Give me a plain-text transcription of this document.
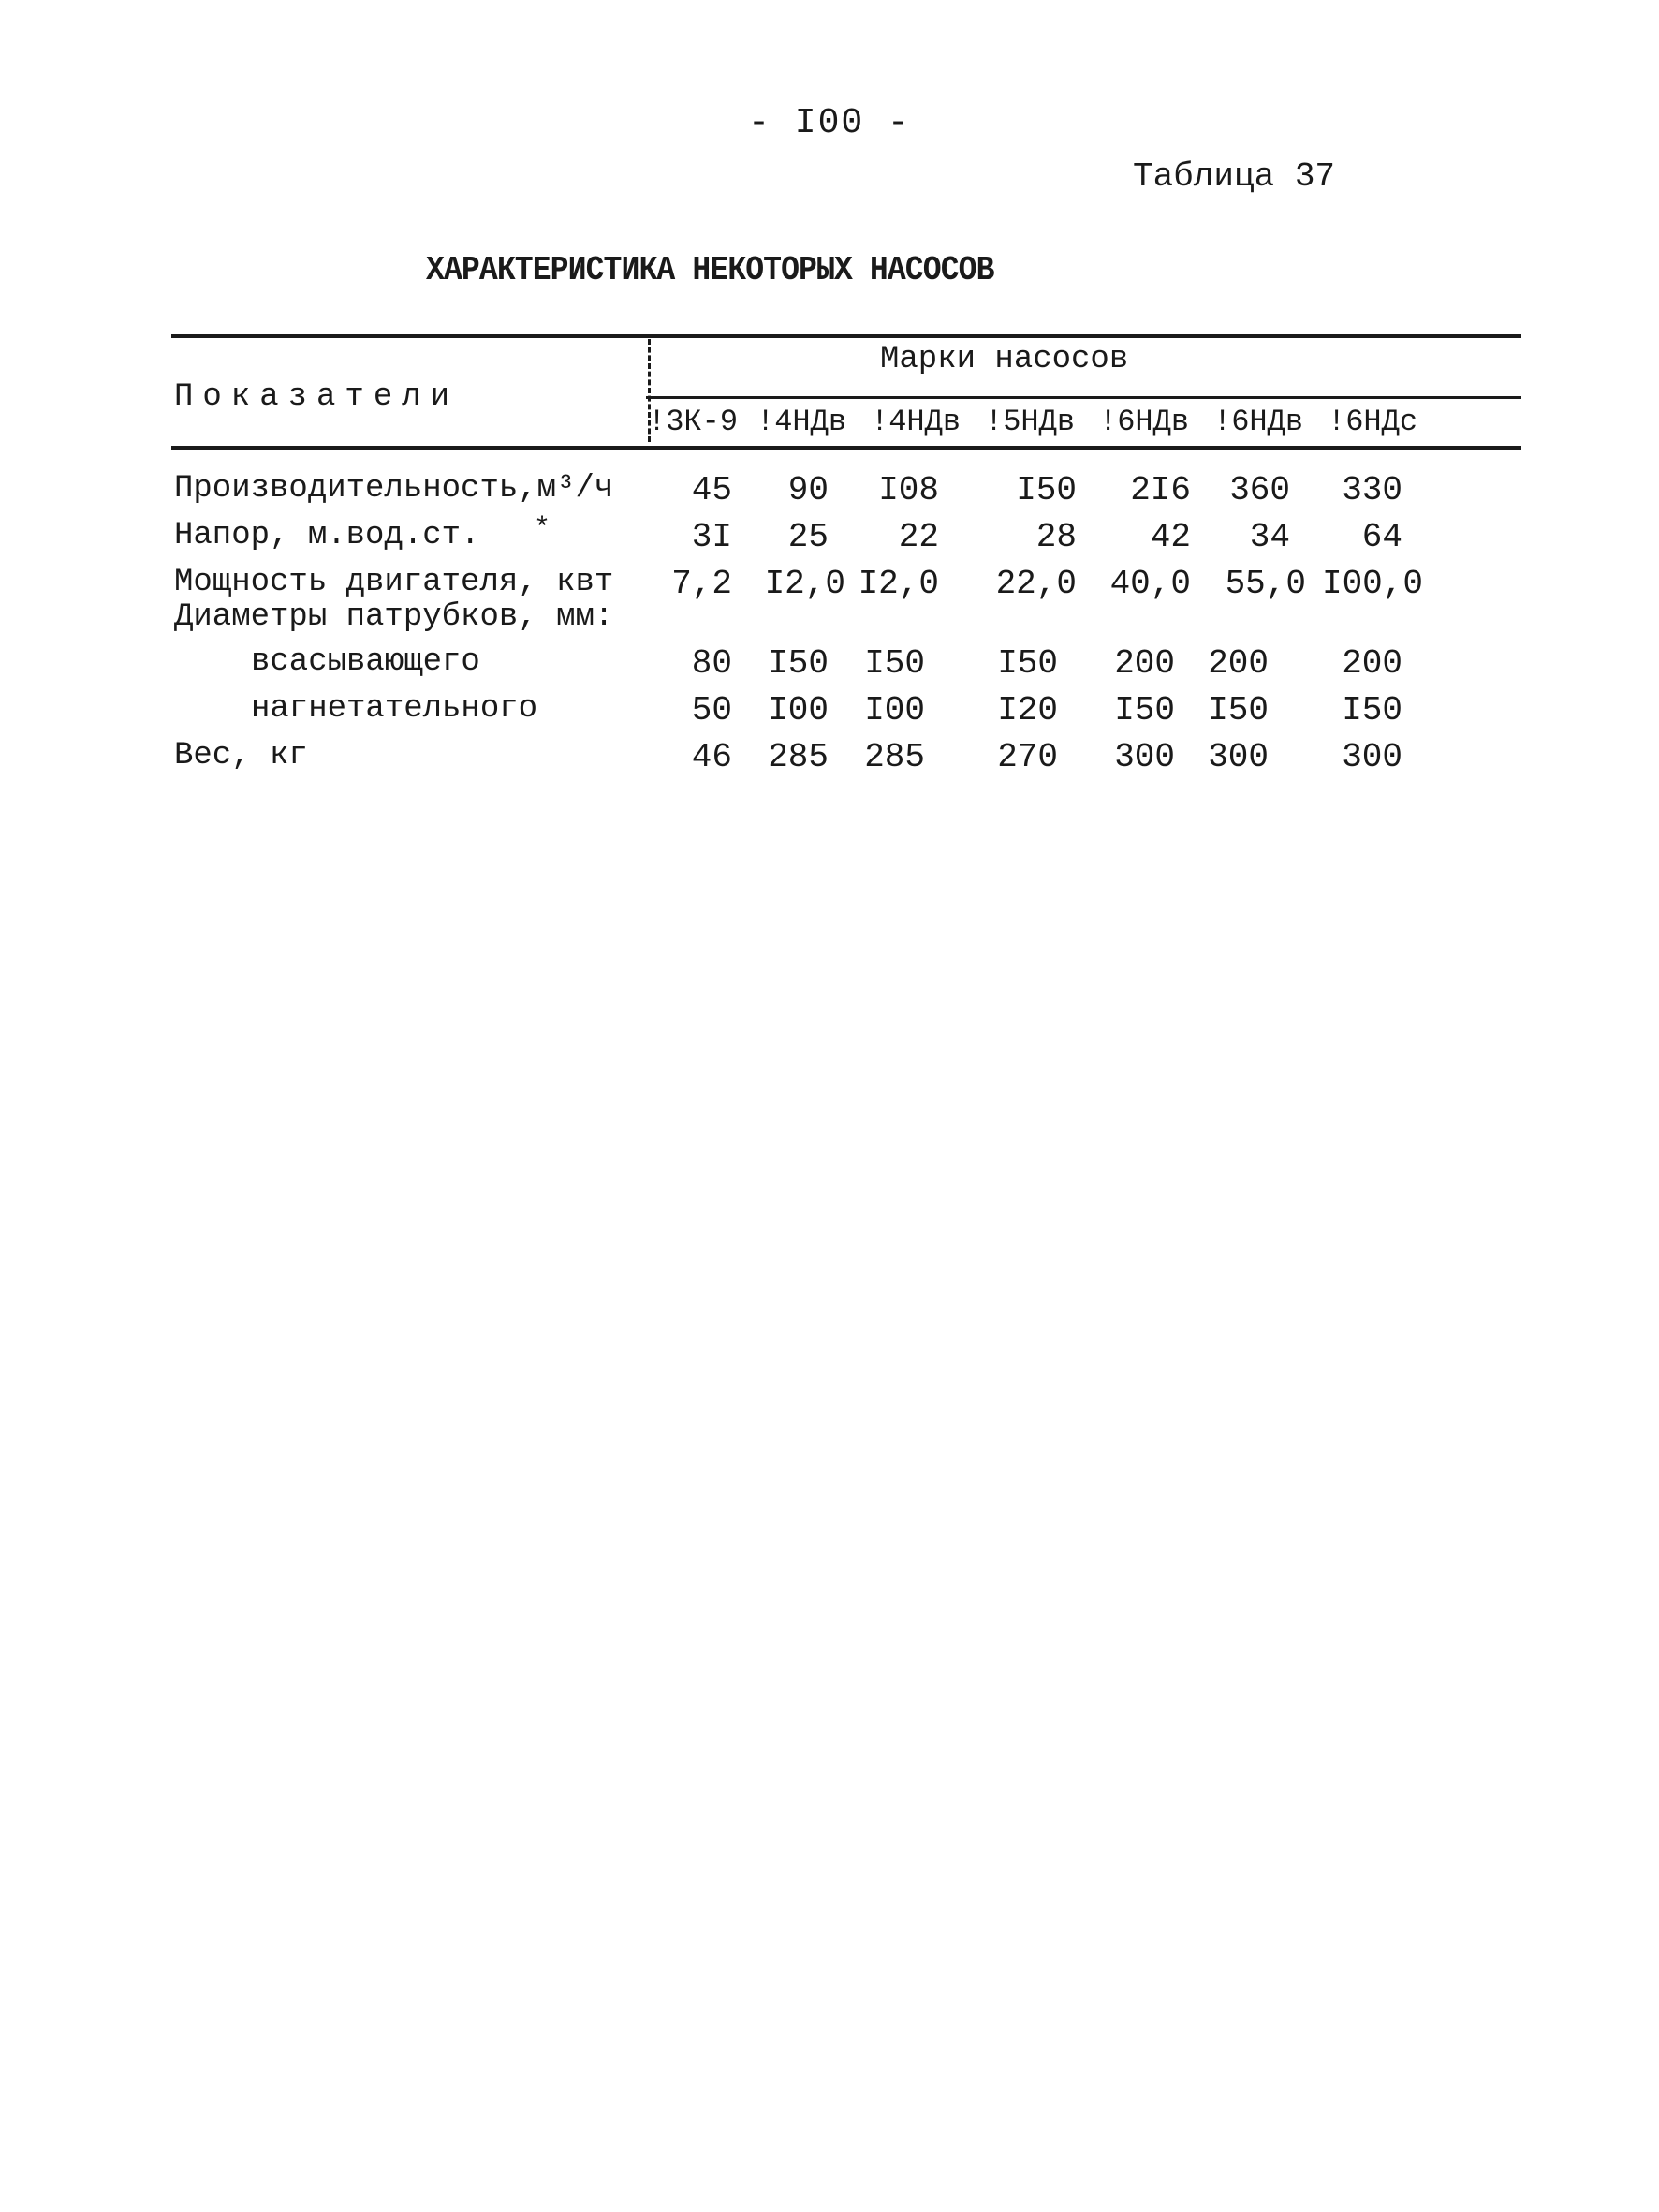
- I00 -
Таблица 37
ХАРАКТЕРИСТИКА НЕКОТОРЫХ НАСОСОВ
Показатели
Марки насосов
!3К-9 !4НДв !4НДв !5НДв !6НДв !6НДв !6НДс
Производительность,м³/ч	45	90	I08	I50	2I6	360	330
Напор, м.вод.ст. *	3I	25	22	28	42	34	64
Мощность двигателя, квт	7,2 I2,0 I2,0	22,0 40,0	55,0 I00,0
Диаметры патрубков, мм:
всасывающего	80	I50	I50	I50	200 200	200
нагнетательного	50	I00	I00	I20	I50 I50	I50
Вес, кг	46	285	285	270	300 300	300
